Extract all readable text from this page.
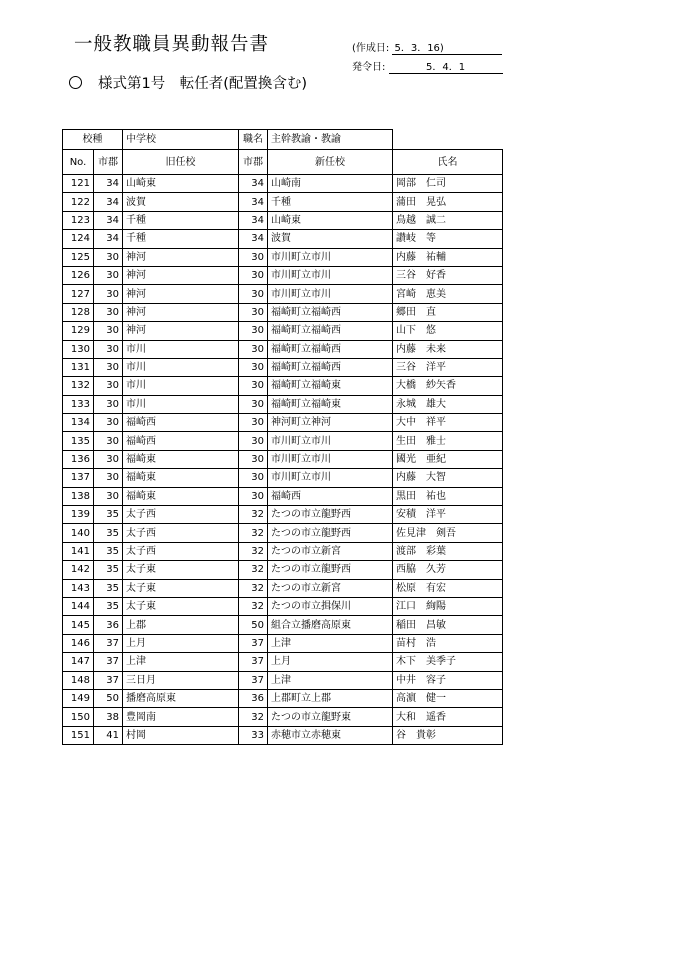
一般教職員異動報告書	(作成日: 5．3．16)
発令日:	5．4．1
様式第1号　転任者(配置換含む)
校種		中学校	職名	主幹教諭・教諭	
No.	市郡	旧任校	市郡	新任校	氏名
121	34	山崎東	34	山崎南	岡部　仁司
122	34	波賀	34	千種	蒲田　晃弘
123	34	千種	34	山崎東	鳥越　誠二
124	34	千種	34	波賀	讃岐　等
125	30	神河	30	市川町立市川	内藤　祐輔
126	30	神河	30	市川町立市川	三谷　好香
127	30	神河	30	市川町立市川	宮崎　恵美
128	30	神河	30	福崎町立福崎西	郷田　直
129	30	神河	30	福崎町立福崎西	山下　悠
130	30	市川	30	福崎町立福崎西	内藤　未来
131	30	市川	30	福崎町立福崎西	三谷　洋平
132	30	市川	30	福崎町立福崎東	大橋　紗矢香
133	30	市川	30	福崎町立福崎東	永城　雄大
134	30	福崎西	30	神河町立神河	大中　祥平
135	30	福崎西	30	市川町立市川	生田　雅士
136	30	福崎東	30	市川町立市川	國光　亜紀
137	30	福崎東	30	市川町立市川	内藤　大智
138	30	福崎東	30	福崎西	黒田　祐也
139	35	太子西	32	たつの市立龍野西	安積　洋平
140	35	太子西	32	たつの市立龍野西	佐見津　剣吾
141	35	太子西	32	たつの市立新宮	渡部　彩葉
142	35	太子東	32	たつの市立龍野西	西脇　久芳
143	35	太子東	32	たつの市立新宮	松原　有宏
144	35	太子東	32	たつの市立揖保川	江口　絢陽
145	36	上郡	50	組合立播磨高原東	稲田　昌敏
146	37	上月	37	上津	苗村　浩
147	37	上津	37	上月	木下　美季子
148	37	三日月	37	上津	中井　容子
149	50	播磨高原東	36	上郡町立上郡	高濵　健一
150	38	豊岡南	32	たつの市立龍野東	大和　遥香
151	41	村岡	33	赤穂市立赤穂東	谷　貴彰
